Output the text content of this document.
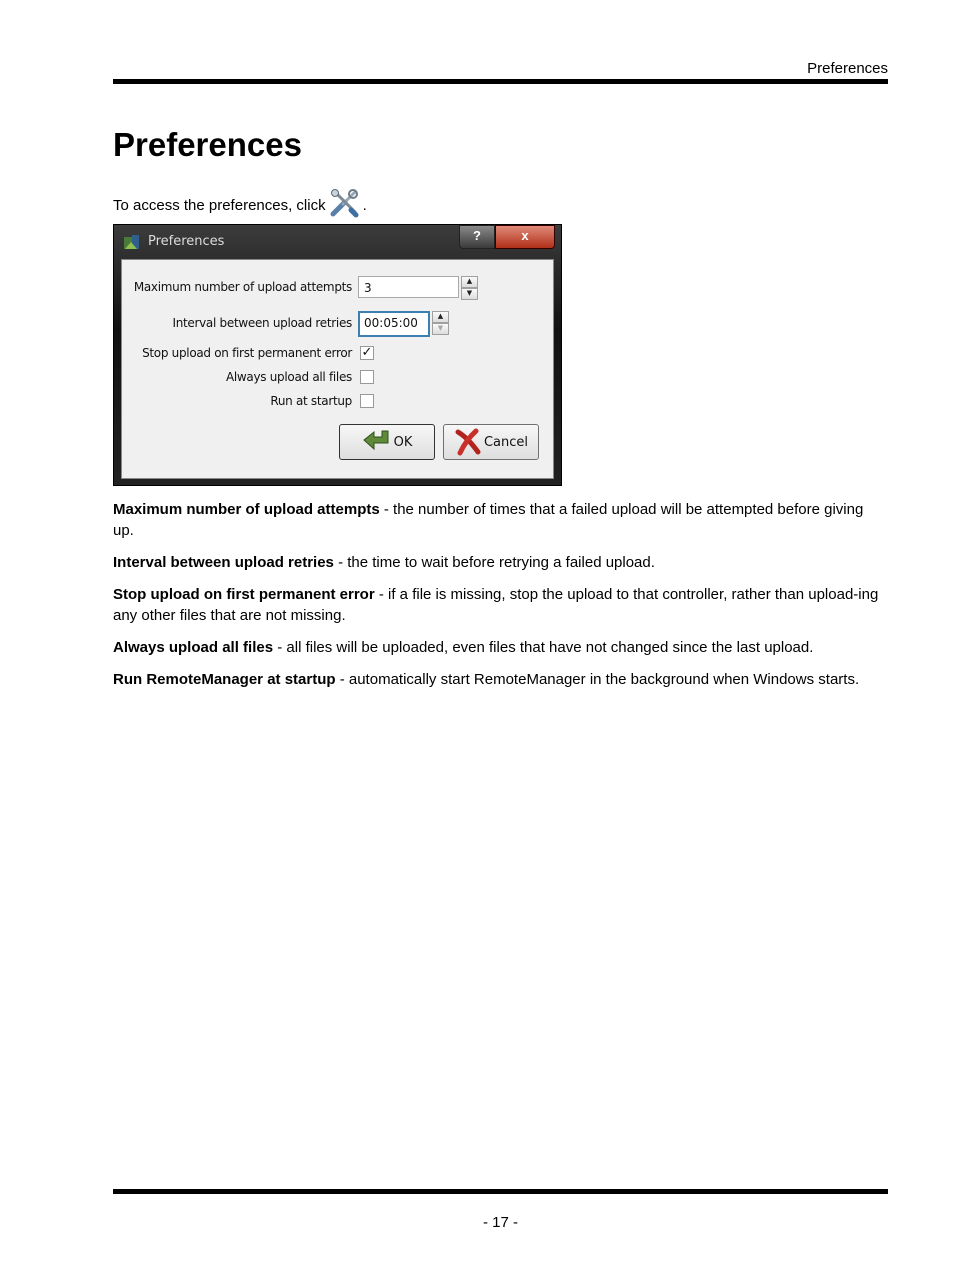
Preferences
Preferences
To access the preferences, click .
Preferences	?	x
Maximum number of upload attempts	3	▲
▼
Interval between upload retries	00:05:00	▲
▼
Stop upload on first permanent error ✓
Always upload all files
Run at startup
OK	Cancel

Maximum number of upload attempts - the number of times that a failed upload will be attempted before giving up.

Interval between upload retries - the time to wait before retrying a failed upload.

Stop upload on first permanent error - if a file is missing, stop the upload to that controller, rather than upload-ing any other files that are not missing.

Always upload all files - all files will be uploaded, even files that have not changed since the last upload.

Run RemoteManager at startup - automatically start RemoteManager in the background when Windows starts.

- 17 -
